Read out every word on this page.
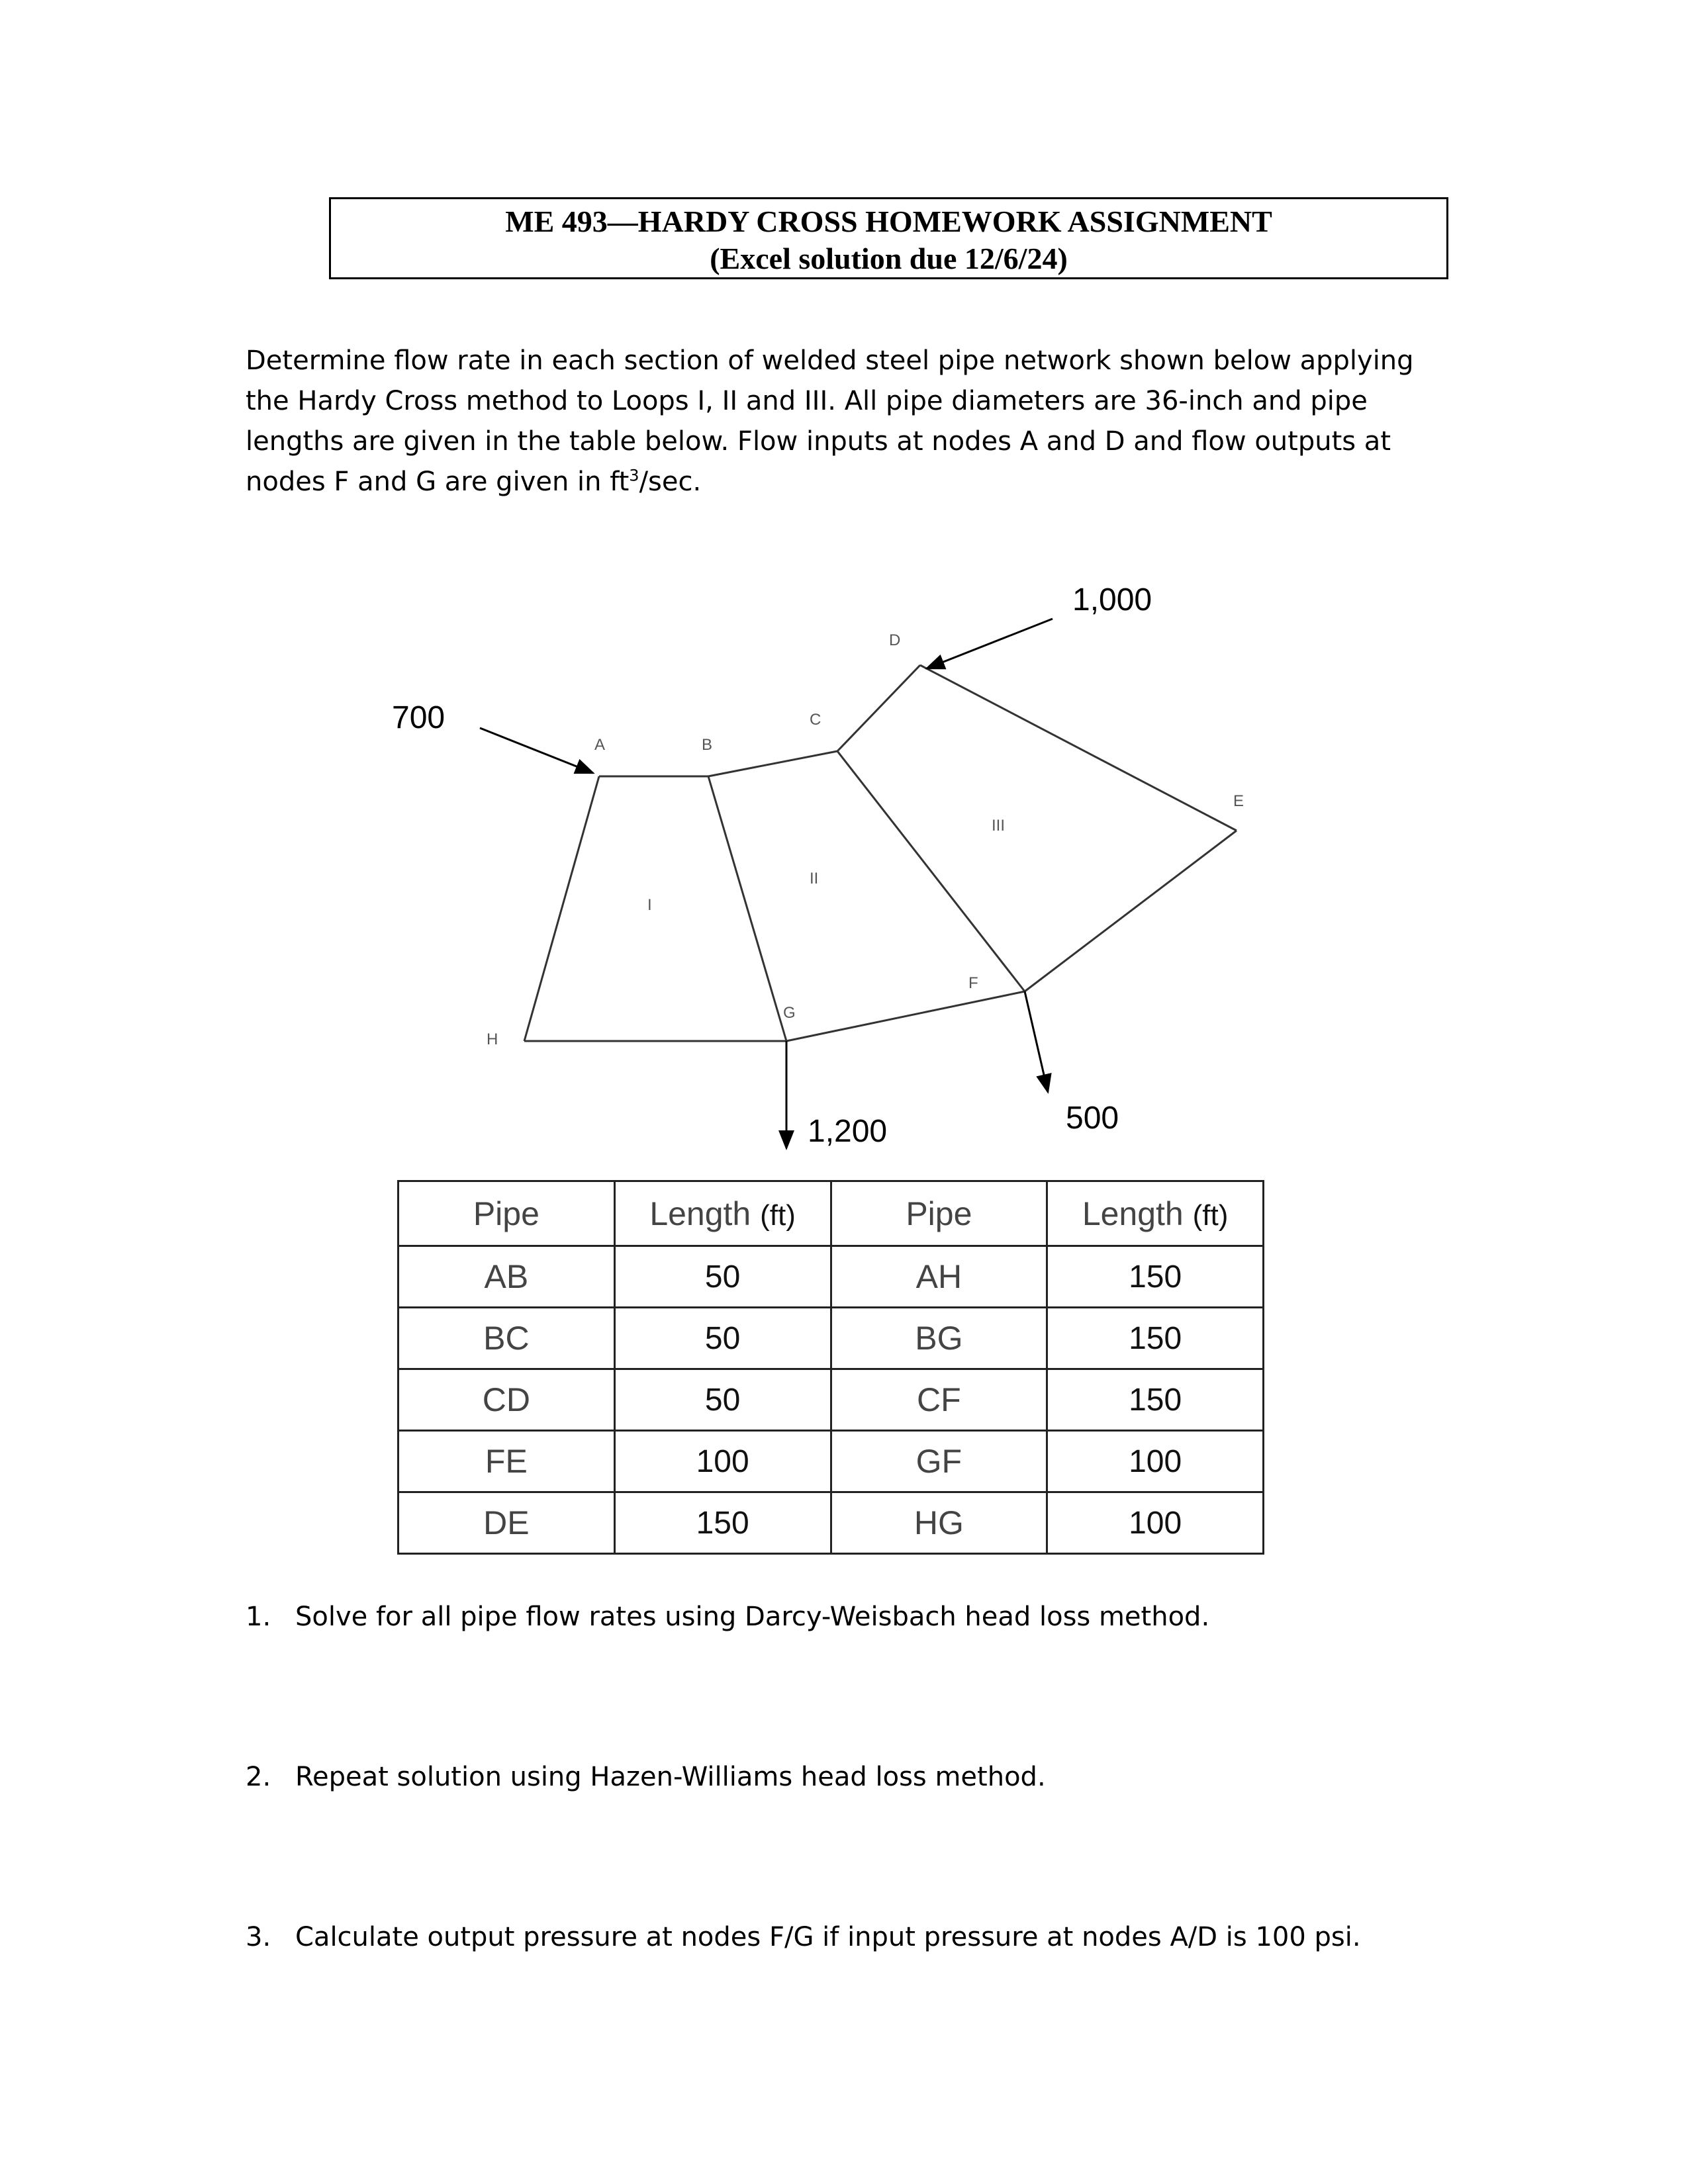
ME 493—HARDY CROSS HOMEWORK ASSIGNMENT
(Excel solution due 12/6/24)
Determine flow rate in each section of welded steel pipe network shown below applying the Hardy Cross method to Loops I, II and III. All pipe diameters are 36-inch and pipe lengths are given in the table below. Flow inputs at nodes A and D and flow outputs at nodes F and G are given in $ft^3/\sec$.
A	B
C
D
E
F
G
H
I
II
III
700
1,000
1,200	500
Pipe	Length (ft)	Pipe	Length (ft)
AB	50	AH	150
BC	50	BG	150
CD	50	CF	150
FE	100	GF	100
DE	150	HG	100
1. Solve for all pipe flow rates using Darcy-Weisbach head loss method.
2. Repeat solution using Hazen-Williams head loss method.
3. Calculate output pressure at nodes F/G if input pressure at nodes A/D is 100 psi.
